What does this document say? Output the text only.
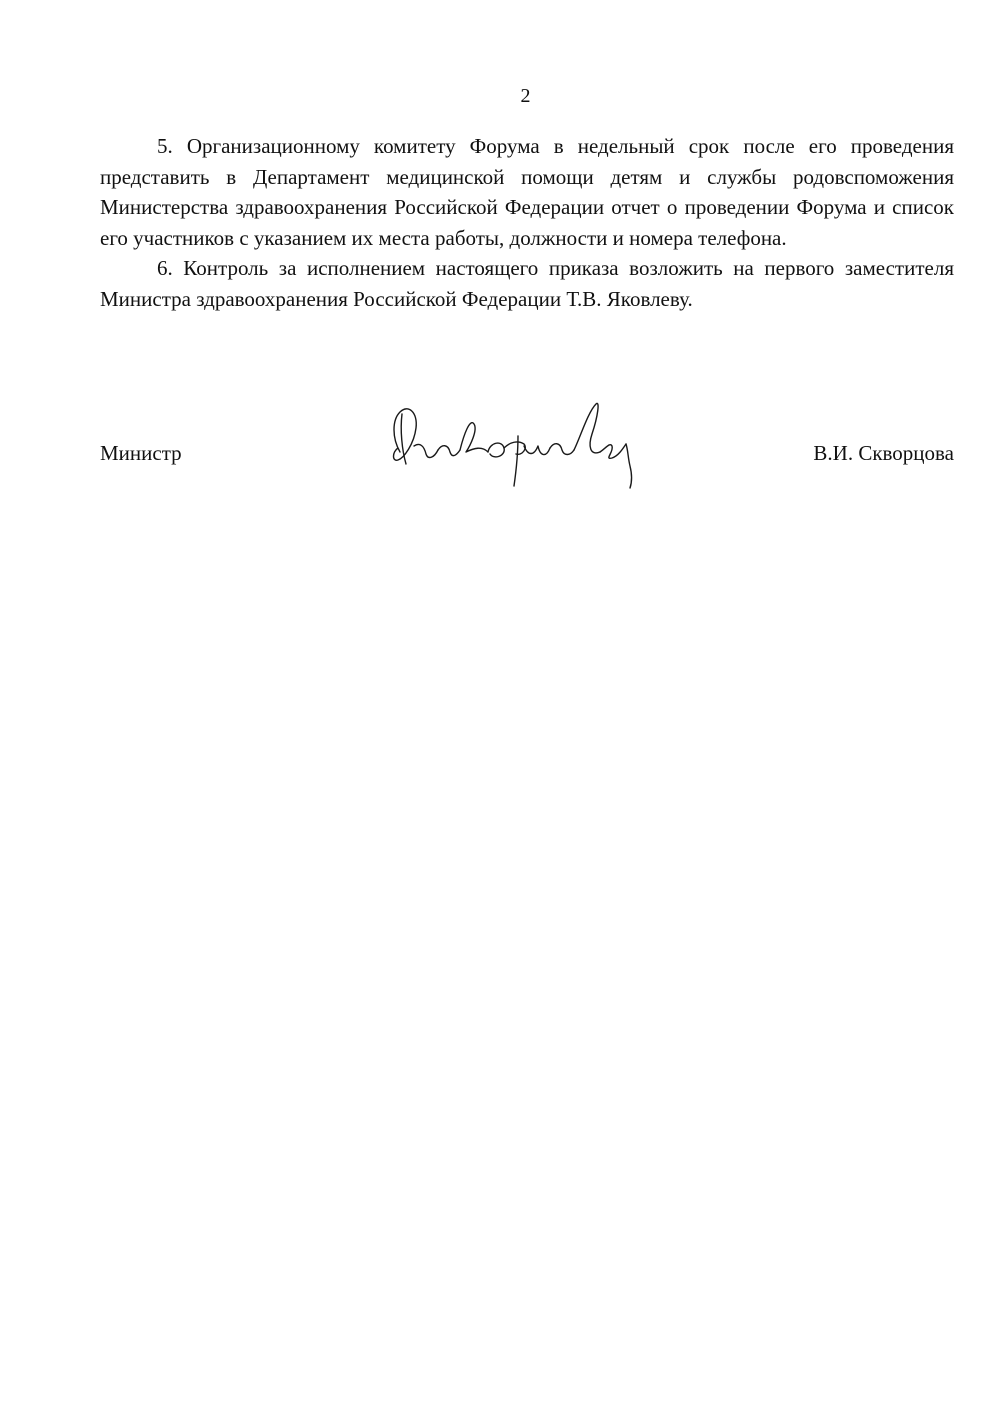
2

5. Организационному комитету Форума в недельный срок после его проведения представить в Департамент медицинской помощи детям и службы родовспоможения Министерства здравоохранения Российской Федерации отчет о проведении Форума и список его участников с указанием их места работы, должности и номера телефона.

6. Контроль за исполнением настоящего приказа возложить на первого заместителя Министра здравоохранения Российской Федерации Т.В. Яковлеву.

Министр	В.И. Скворцова
